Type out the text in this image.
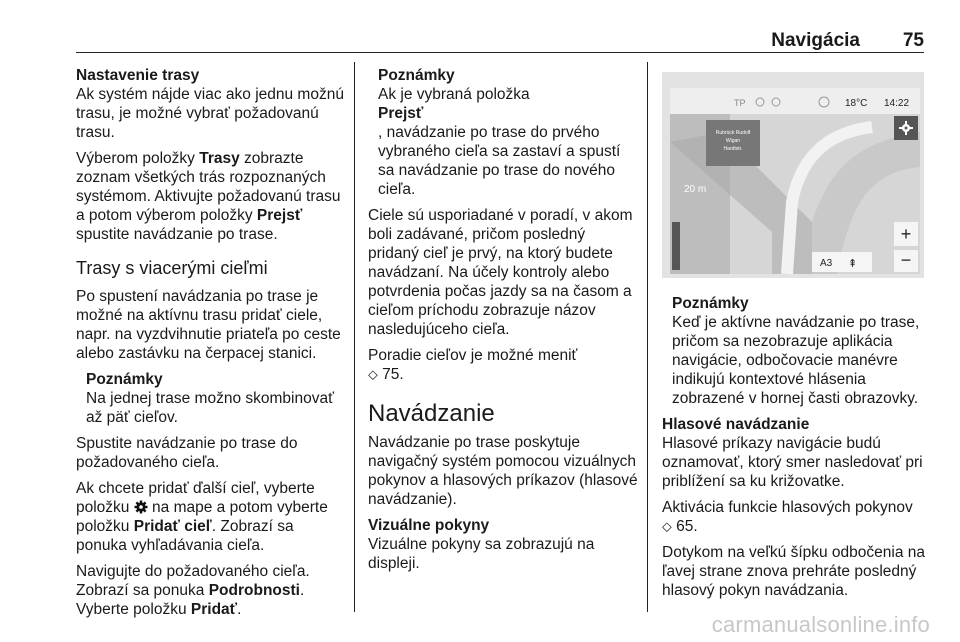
Navigácia 75

Nastavenie trasy
Ak systém nájde viac ako jednu možnú trasu, je možné vybrať požadovanú trasu.

Výberom položky Trasy zobrazte zoznam všetkých trás rozpoznaných systémom. Aktivujte požadovanú trasu a potom výberom položky Prejsť spustite navádzanie po trase.

Trasy s viacerými cieľmi

Po spustení navádzania po trase je možné na aktívnu trasu pridať ciele, napr. na vyzdvihnutie priateľa po ceste alebo zastávku na čerpacej stanici.

Poznámky
Na jednej trase možno skombinovať až päť cieľov.

Spustite navádzanie po trase do požadovaného cieľa.

Ak chcete pridať ďalší cieľ, vyberte položku  na mape a potom vyberte položku Pridať cieľ. Zobrazí sa ponuka vyhľadávania cieľa.

Navigujte do požadovaného cieľa. Zobrazí sa ponuka Podrobnosti. Vyberte položku Pridať.

Poznámky
Ak je vybraná položka
Prejsť
, navádzanie po trase do prvého vybraného cieľa sa zastaví a spustí sa navádzanie po trase do nového cieľa.

Ciele sú usporiadané v poradí, v akom boli zadávané, pričom posledný pridaný cieľ je prvý, na ktorý budete navádzaní. Na účely kontroly alebo potvrdenia počas jazdy sa na časom a cieľom príchodu zobrazuje názov nasledujúceho cieľa.

Poradie cieľov je možné meniť
⬦ 75.

Navádzanie

Navádzanie po trase poskytuje navigačný systém pomocou vizuálnych pokynov a hlasových príkazov (hlasové navádzanie).

Vizuálne pokyny
Vizuálne pokyny sa zobrazujú na displeji.

TP	18°C 14:22
Rubrück Rudolf
Wigan
Hardtstr.
20 m
+
−
A3 ⇞
Poznámky
Keď je aktívne navádzanie po trase, pričom sa nezobrazuje aplikácia navigácie, odbočovacie manévre indikujú kontextové hlásenia zobrazené v hornej časti obrazovky.

Hlasové navádzanie
Hlasové príkazy navigácie budú oznamovať, ktorý smer nasledovať pri priblížení sa ku križovatke.

Aktivácia funkcie hlasových pokynov
⬦ 65.

Dotykom na veľkú šípku odbočenia na ľavej strane znova prehráte posledný hlasový pokyn navádzania.

carmanualsonline.info
